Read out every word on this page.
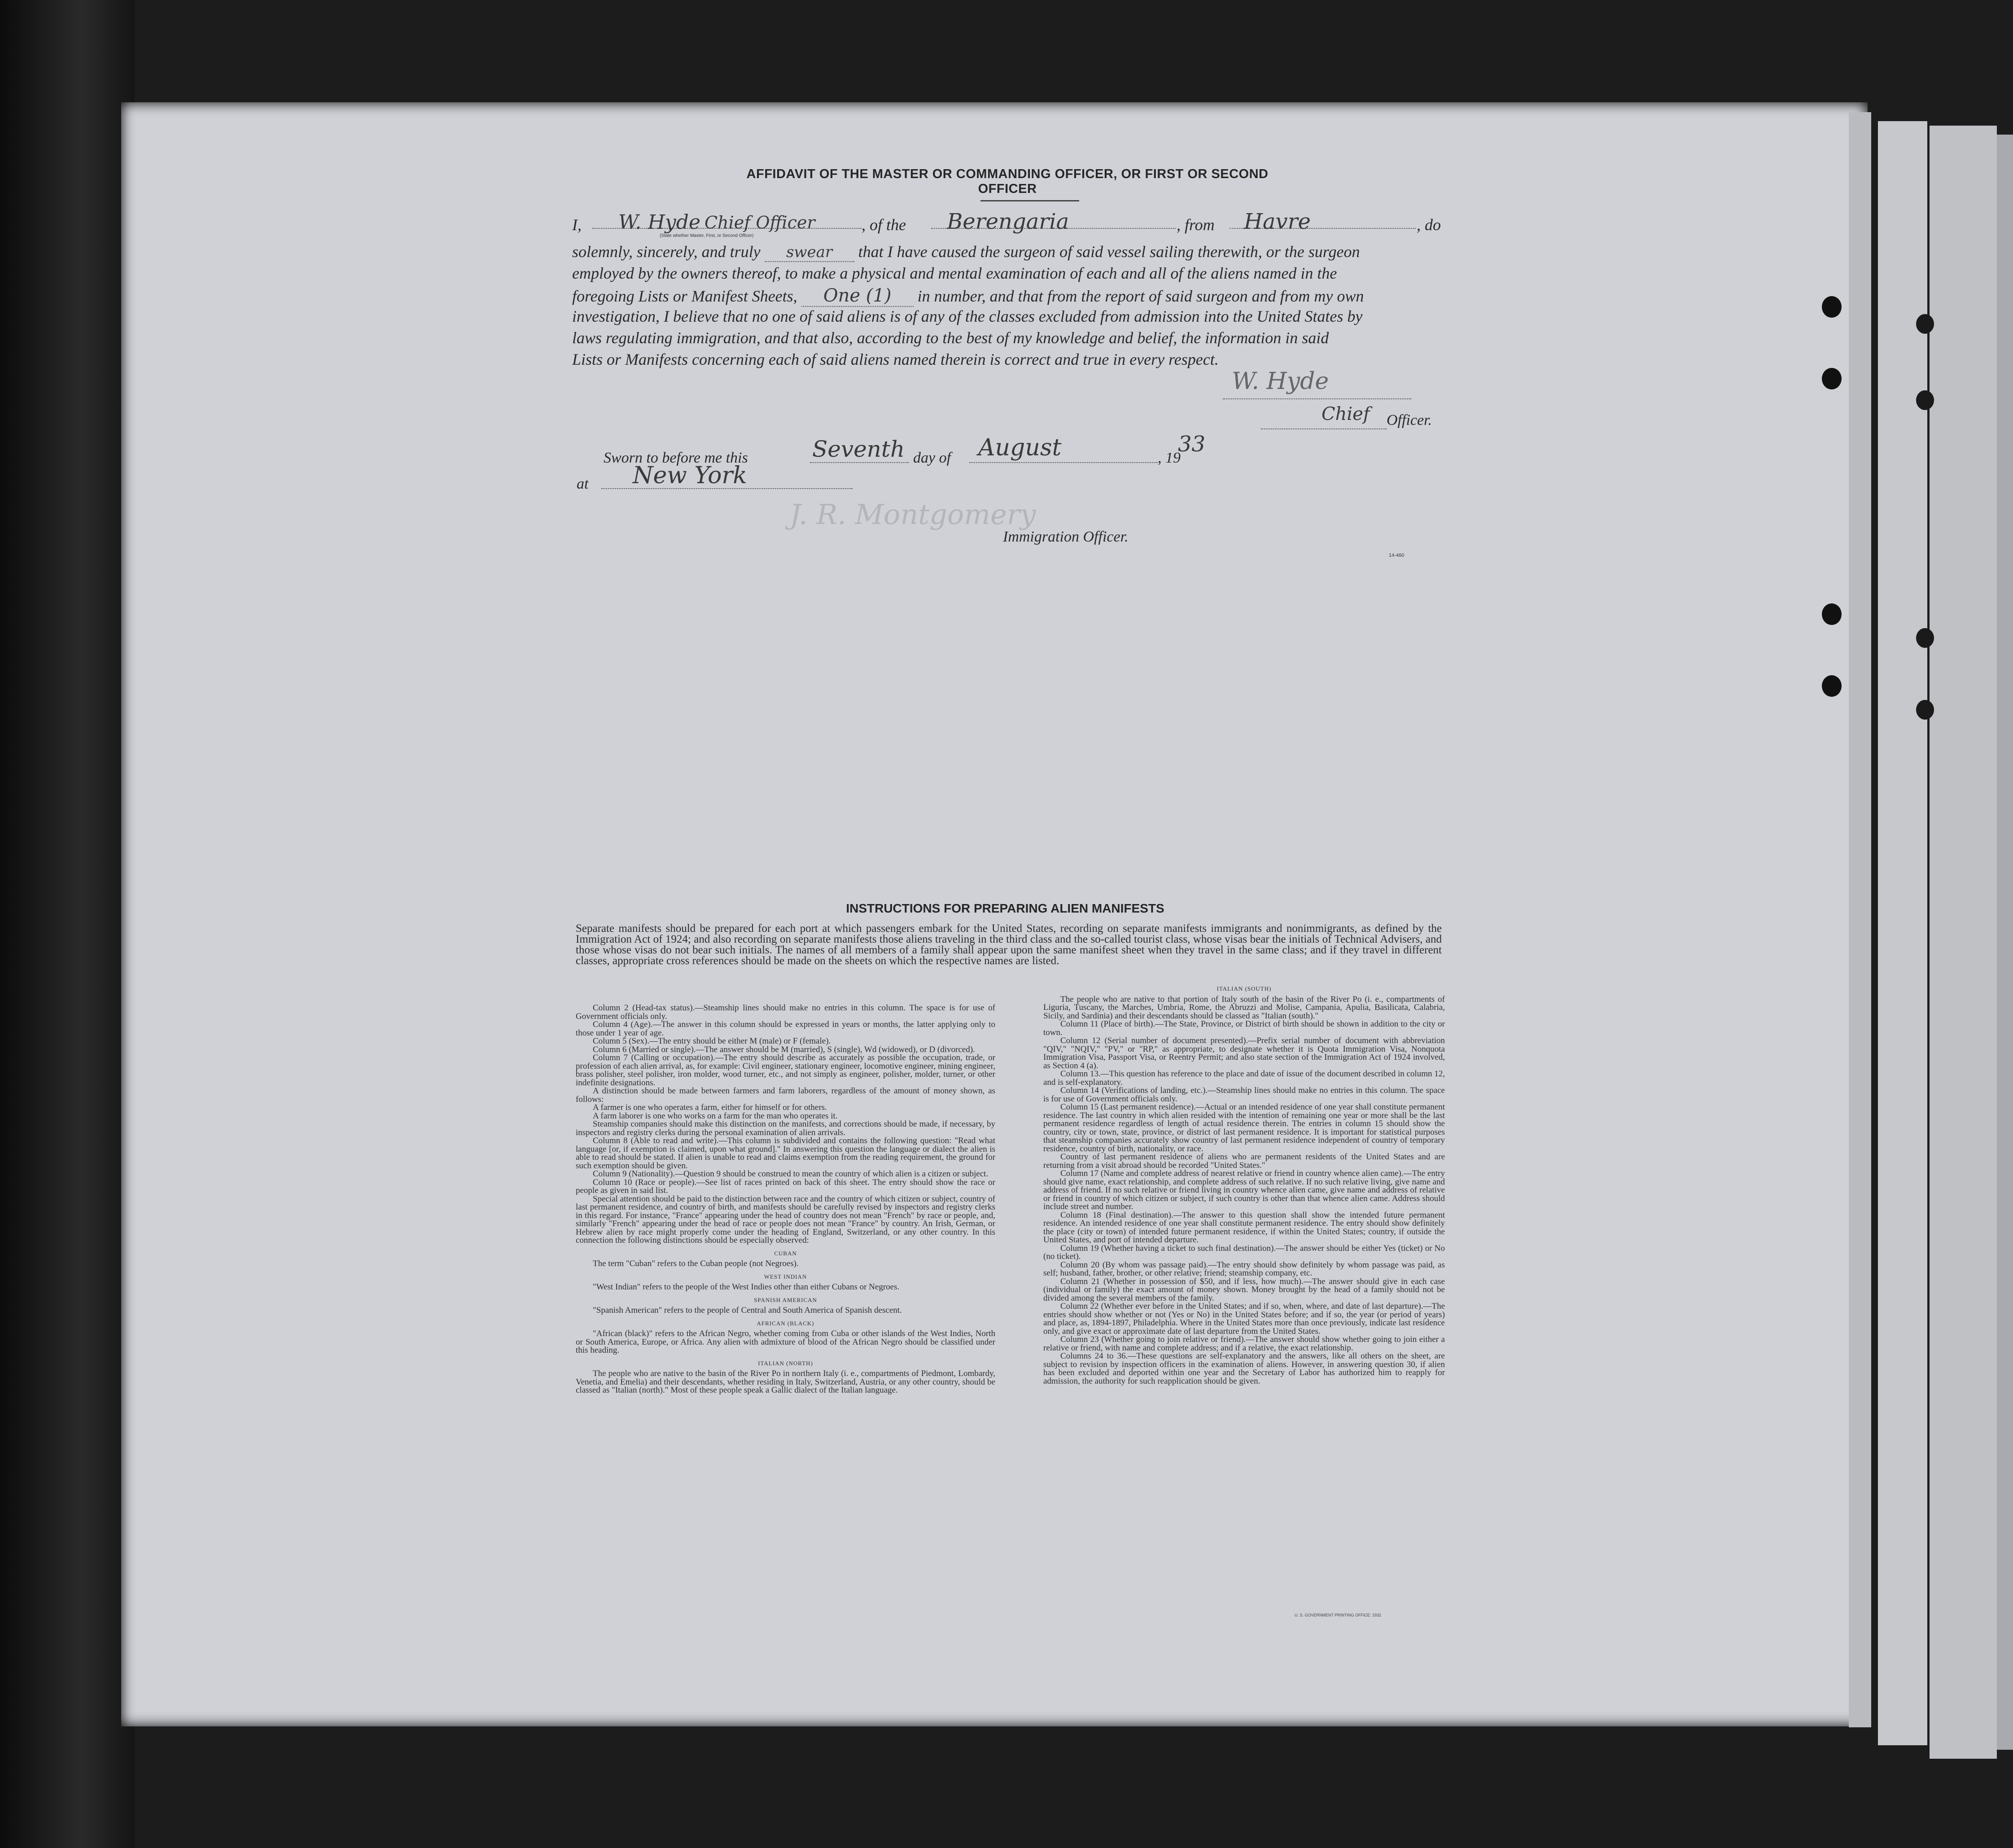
AFFIDAVIT OF THE MASTER OR COMMANDING OFFICER, OR FIRST OR SECOND OFFICER
I, W. Hyde Chief Officer
(State whether Master, First, or Second Officer)
, of the Berengaria	, from Havre	, do
solemnly, sincerely, and truly swear that I have caused the surgeon of said vessel sailing therewith, or the surgeon
employed by the owners thereof, to make a physical and mental examination of each and all of the aliens named in the
foregoing Lists or Manifest Sheets, One (1) in number, and that from the report of said surgeon and from my own
investigation, I believe that no one of said aliens is of any of the classes excluded from admission into the United States by
laws regulating immigration, and that also, according to the best of my knowledge and belief, the information in said
Lists or Manifests concerning each of said aliens named therein is correct and true in every respect.
W. Hyde
Chief Officer.
Sworn to before me this	Seventh day of August	, 19
33
at New York
J. R. Montgomery
Immigration Officer.
14-460
INSTRUCTIONS FOR PREPARING ALIEN MANIFESTS
Separate manifests should be prepared for each port at which passengers embark for the United States, recording on separate manifests immigrants and nonimmigrants, as defined by the Immigration Act of 1924; and also recording on separate manifests those aliens traveling in the third class and the so-called tourist class, whose visas bear the initials of Technical Advisers, and those whose visas do not bear such initials. The names of all members of a family shall appear upon the same manifest sheet when they travel in the same class; and if they travel in different classes, appropriate cross references should be made on the sheets on which the respective names are listed.

Column 2 (Head-tax status).—Steamship lines should make no entries in this column. The space is for use of Government officials only.

Column 4 (Age).—The answer in this column should be expressed in years or months, the latter applying only to those under 1 year of age.

Column 5 (Sex).—The entry should be either M (male) or F (female).

Column 6 (Married or single).—The answer should be M (married), S (single), Wd (widowed), or D (divorced).

Column 7 (Calling or occupation).—The entry should describe as accurately as possible the occupation, trade, or profession of each alien arrival, as, for example: Civil engineer, stationary engineer, locomotive engineer, mining engineer, brass polisher, steel polisher, iron molder, wood turner, etc., and not simply as engineer, polisher, molder, turner, or other indefinite designations.

A distinction should be made between farmers and farm laborers, regardless of the amount of money shown, as follows:

A farmer is one who operates a farm, either for himself or for others.

A farm laborer is one who works on a farm for the man who operates it.

Steamship companies should make this distinction on the manifests, and corrections should be made, if necessary, by inspectors and registry clerks during the personal examination of alien arrivals.

Column 8 (Able to read and write).—This column is subdivided and contains the following question: "Read what language [or, if exemption is claimed, upon what ground]." In answering this question the language or dialect the alien is able to read should be stated. If alien is unable to read and claims exemption from the reading requirement, the ground for such exemption should be given.

Column 9 (Nationality).—Question 9 should be construed to mean the country of which alien is a citizen or subject.

Column 10 (Race or people).—See list of races printed on back of this sheet. The entry should show the race or people as given in said list.

Special attention should be paid to the distinction between race and the country of which citizen or subject, country of last permanent residence, and country of birth, and manifests should be carefully revised by inspectors and registry clerks in this regard. For instance, "France" appearing under the head of country does not mean "French" by race or people, and, similarly "French" appearing under the head of race or people does not mean "France" by country. An Irish, German, or Hebrew alien by race might properly come under the heading of England, Switzerland, or any other country. In this connection the following distinctions should be especially observed:

CUBAN

The term "Cuban" refers to the Cuban people (not Negroes).

WEST INDIAN

"West Indian" refers to the people of the West Indies other than either Cubans or Negroes.

SPANISH AMERICAN

"Spanish American" refers to the people of Central and South America of Spanish descent.

AFRICAN (BLACK)

"African (black)" refers to the African Negro, whether coming from Cuba or other islands of the West Indies, North or South America, Europe, or Africa. Any alien with admixture of blood of the African Negro should be classified under this heading.

ITALIAN (NORTH)

The people who are native to the basin of the River Po in northern Italy (i. e., compartments of Piedmont, Lombardy, Venetia, and Emelia) and their descendants, whether residing in Italy, Switzerland, Austria, or any other country, should be classed as "Italian (north)." Most of these people speak a Gallic dialect of the Italian language.

ITALIAN (SOUTH)

The people who are native to that portion of Italy south of the basin of the River Po (i. e., compartments of Liguria, Tuscany, the Marches, Umbria, Rome, the Abruzzi and Molise, Campania, Apulia, Basilicata, Calabria, Sicily, and Sardinia) and their descendants should be classed as "Italian (south)."

Column 11 (Place of birth).—The State, Province, or District of birth should be shown in addition to the city or town.

Column 12 (Serial number of document presented).—Prefix serial number of document with abbreviation "QIV," "NQIV," "PV," or "RP," as appropriate, to designate whether it is Quota Immigration Visa, Nonquota Immigration Visa, Passport Visa, or Reentry Permit; and also state section of the Immigration Act of 1924 involved, as Section 4 (a).

Column 13.—This question has reference to the place and date of issue of the document described in column 12, and is self-explanatory.

Column 14 (Verifications of landing, etc.).—Steamship lines should make no entries in this column. The space is for use of Government officials only.

Column 15 (Last permanent residence).—Actual or an intended residence of one year shall constitute permanent residence. The last country in which alien resided with the intention of remaining one year or more shall be the last permanent residence regardless of length of actual residence therein. The entries in column 15 should show the country, city or town, state, province, or district of last permanent residence. It is important for statistical purposes that steamship companies accurately show country of last permanent residence independent of country of temporary residence, country of birth, nationality, or race.

Country of last permanent residence of aliens who are permanent residents of the United States and are returning from a visit abroad should be recorded "United States."

Column 17 (Name and complete address of nearest relative or friend in country whence alien came).—The entry should give name, exact relationship, and complete address of such relative. If no such relative living, give name and address of friend. If no such relative or friend living in country whence alien came, give name and address of relative or friend in country of which citizen or subject, if such country is other than that whence alien came. Address should include street and number.

Column 18 (Final destination).—The answer to this question shall show the intended future permanent residence. An intended residence of one year shall constitute permanent residence. The entry should show definitely the place (city or town) of intended future permanent residence, if within the United States; country, if outside the United States, and port of intended departure.

Column 19 (Whether having a ticket to such final destination).—The answer should be either Yes (ticket) or No (no ticket).

Column 20 (By whom was passage paid).—The entry should show definitely by whom passage was paid, as self; husband, father, brother, or other relative; friend; steamship company, etc.

Column 21 (Whether in possession of $50, and if less, how much).—The answer should give in each case (individual or family) the exact amount of money shown. Money brought by the head of a family should not be divided among the several members of the family.

Column 22 (Whether ever before in the United States; and if so, when, where, and date of last departure).—The entries should show whether or not (Yes or No) in the United States before; and if so, the year (or period of years) and place, as, 1894-1897, Philadelphia. Where in the United States more than once previously, indicate last residence only, and give exact or approximate date of last departure from the United States.

Column 23 (Whether going to join relative or friend).—The answer should show whether going to join either a relative or friend, with name and complete address; and if a relative, the exact relationship.

Columns 24 to 36.—These questions are self-explanatory and the answers, like all others on the sheet, are subject to revision by inspection officers in the examination of aliens. However, in answering question 30, if alien has been excluded and deported within one year and the Secretary of Labor has authorized him to reapply for admission, the authority for such reapplication should be given.

U. S. GOVERNMENT PRINTING OFFICE: 1932
